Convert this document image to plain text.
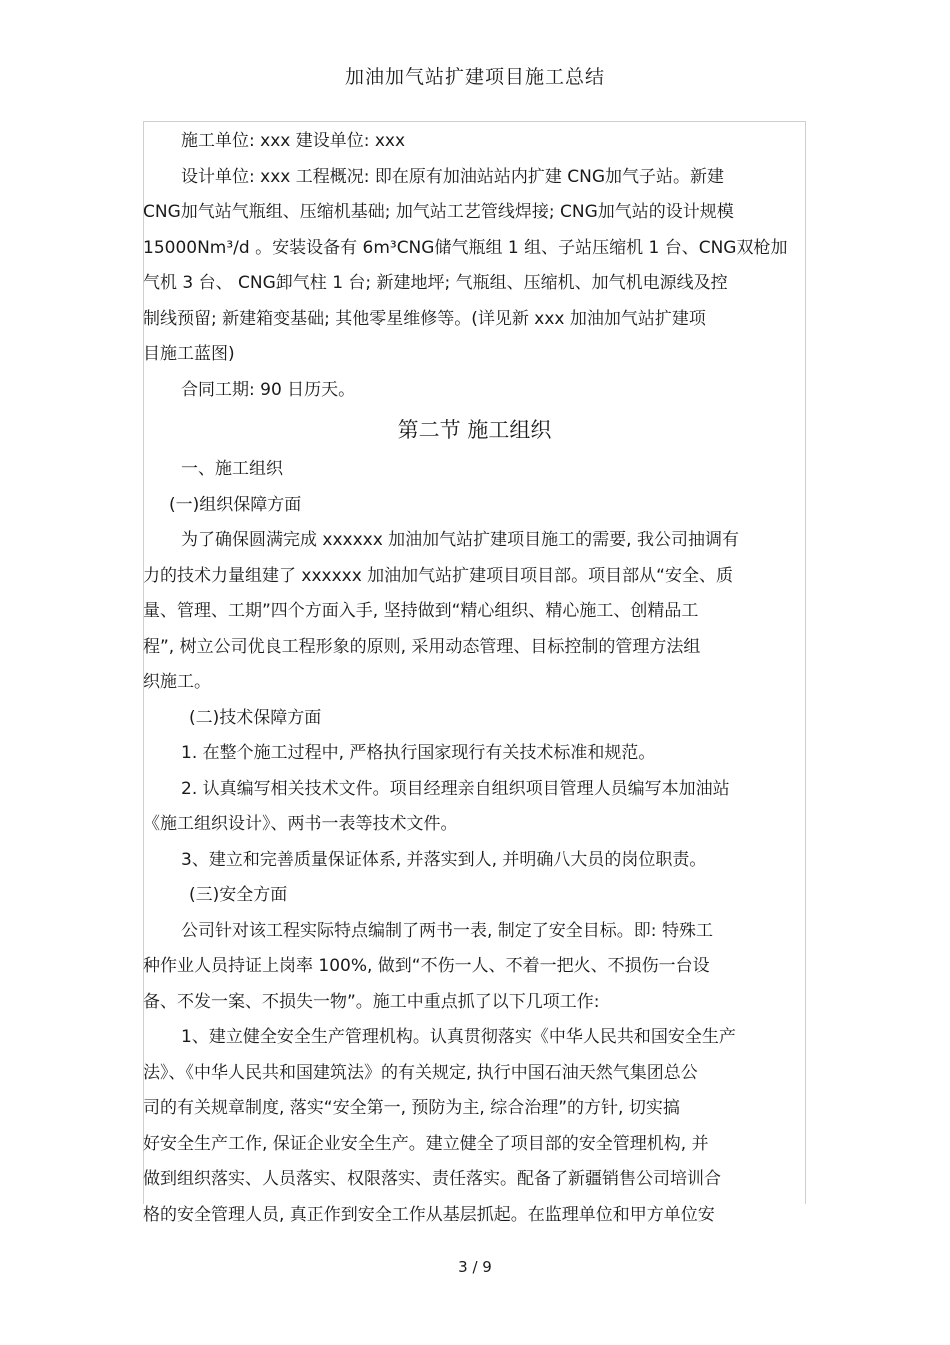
加油加气站扩建项目施工总结
施工单位: xxx 建设单位: xxx
设计单位: xxx 工程概况: 即在原有加油站站内扩建 CNG加气子站。新建
CNG加气站气瓶组、压缩机基础; 加气站工艺管线焊接; CNG加气站的设计规模
15000Nm³/d 。安装设备有 6m³CNG储气瓶组 1 组、子站压缩机 1 台、CNG双枪加
气机 3 台、 CNG卸气柱 1 台; 新建地坪; 气瓶组、压缩机、加气机电源线及控
制线预留; 新建箱变基础; 其他零星维修等。(详见新 xxx 加油加气站扩建项
目施工蓝图)
合同工期: 90 日历天。
第二节 施工组织
一、施工组织
(一)组织保障方面
为了确保圆满完成 xxxxxx 加油加气站扩建项目施工的需要, 我公司抽调有
力的技术力量组建了 xxxxxx 加油加气站扩建项目项目部。项目部从“安全、质
量、管理、工期”四个方面入手, 坚持做到“精心组织、精心施工、创精品工
程”, 树立公司优良工程形象的原则, 采用动态管理、目标控制的管理方法组
织施工。
(二)技术保障方面
1. 在整个施工过程中, 严格执行国家现行有关技术标准和规范。
2. 认真编写相关技术文件。项目经理亲自组织项目管理人员编写本加油站
《施工组织设计》、两书一表等技术文件。
3、建立和完善质量保证体系, 并落实到人, 并明确八大员的岗位职责。
(三)安全方面
公司针对该工程实际特点编制了两书一表, 制定了安全目标。即: 特殊工
种作业人员持证上岗率 100%, 做到“不伤一人、不着一把火、不损伤一台设
备、不发一案、不损失一物”。施工中重点抓了以下几项工作:
1、建立健全安全生产管理机构。认真贯彻落实《中华人民共和国安全生产
法》、《中华人民共和国建筑法》的有关规定, 执行中国石油天然气集团总公
司的有关规章制度, 落实“安全第一, 预防为主, 综合治理”的方针, 切实搞
好安全生产工作, 保证企业安全生产。建立健全了项目部的安全管理机构, 并
做到组织落实、人员落实、权限落实、责任落实。配备了新疆销售公司培训合
格的安全管理人员, 真正作到安全工作从基层抓起。在监理单位和甲方单位安
3 / 9
